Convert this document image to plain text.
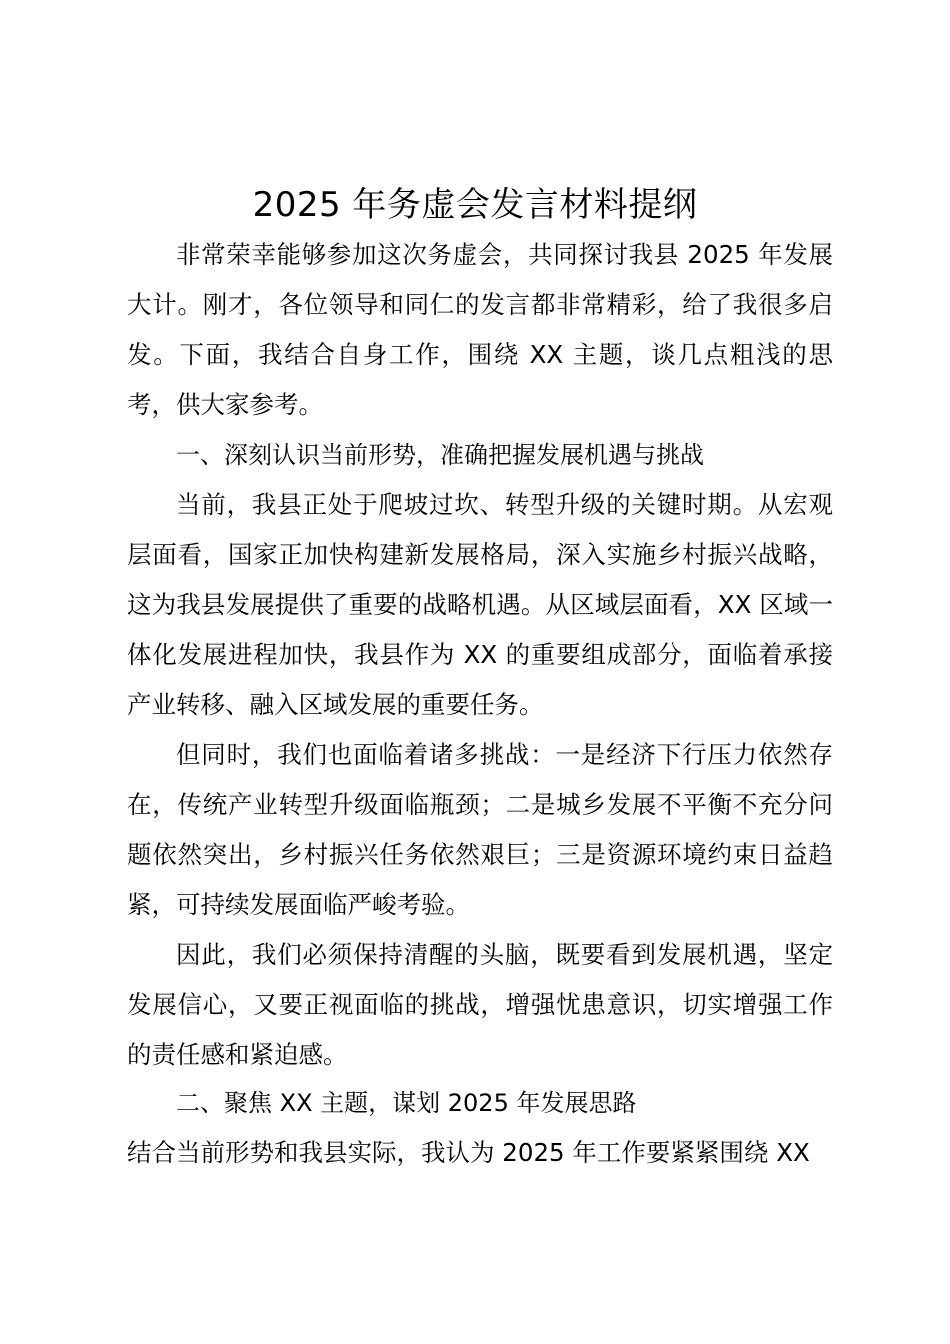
2025 年务虚会发言材料提纲

非常荣幸能够参加这次务虚会，共同探讨我县 2025 年发展大计。刚才，各位领导和同仁的发言都非常精彩，给了我很多启发。下面，我结合自身工作，围绕 XX 主题，谈几点粗浅的思考，供大家参考。

一、深刻认识当前形势，准确把握发展机遇与挑战

当前，我县正处于爬坡过坎、转型升级的关键时期。从宏观层面看，国家正加快构建新发展格局，深入实施乡村振兴战略，这为我县发展提供了重要的战略机遇。从区域层面看，XX 区域一体化发展进程加快，我县作为 XX 的重要组成部分，面临着承接产业转移、融入区域发展的重要任务。

但同时，我们也面临着诸多挑战：一是经济下行压力依然存在，传统产业转型升级面临瓶颈；二是城乡发展不平衡不充分问题依然突出，乡村振兴任务依然艰巨；三是资源环境约束日益趋紧，可持续发展面临严峻考验。

因此，我们必须保持清醒的头脑，既要看到发展机遇，坚定发展信心，又要正视面临的挑战，增强忧患意识，切实增强工作的责任感和紧迫感。

二、聚焦 XX 主题，谋划 2025 年发展思路

结合当前形势和我县实际，我认为 2025 年工作要紧紧围绕 XX
